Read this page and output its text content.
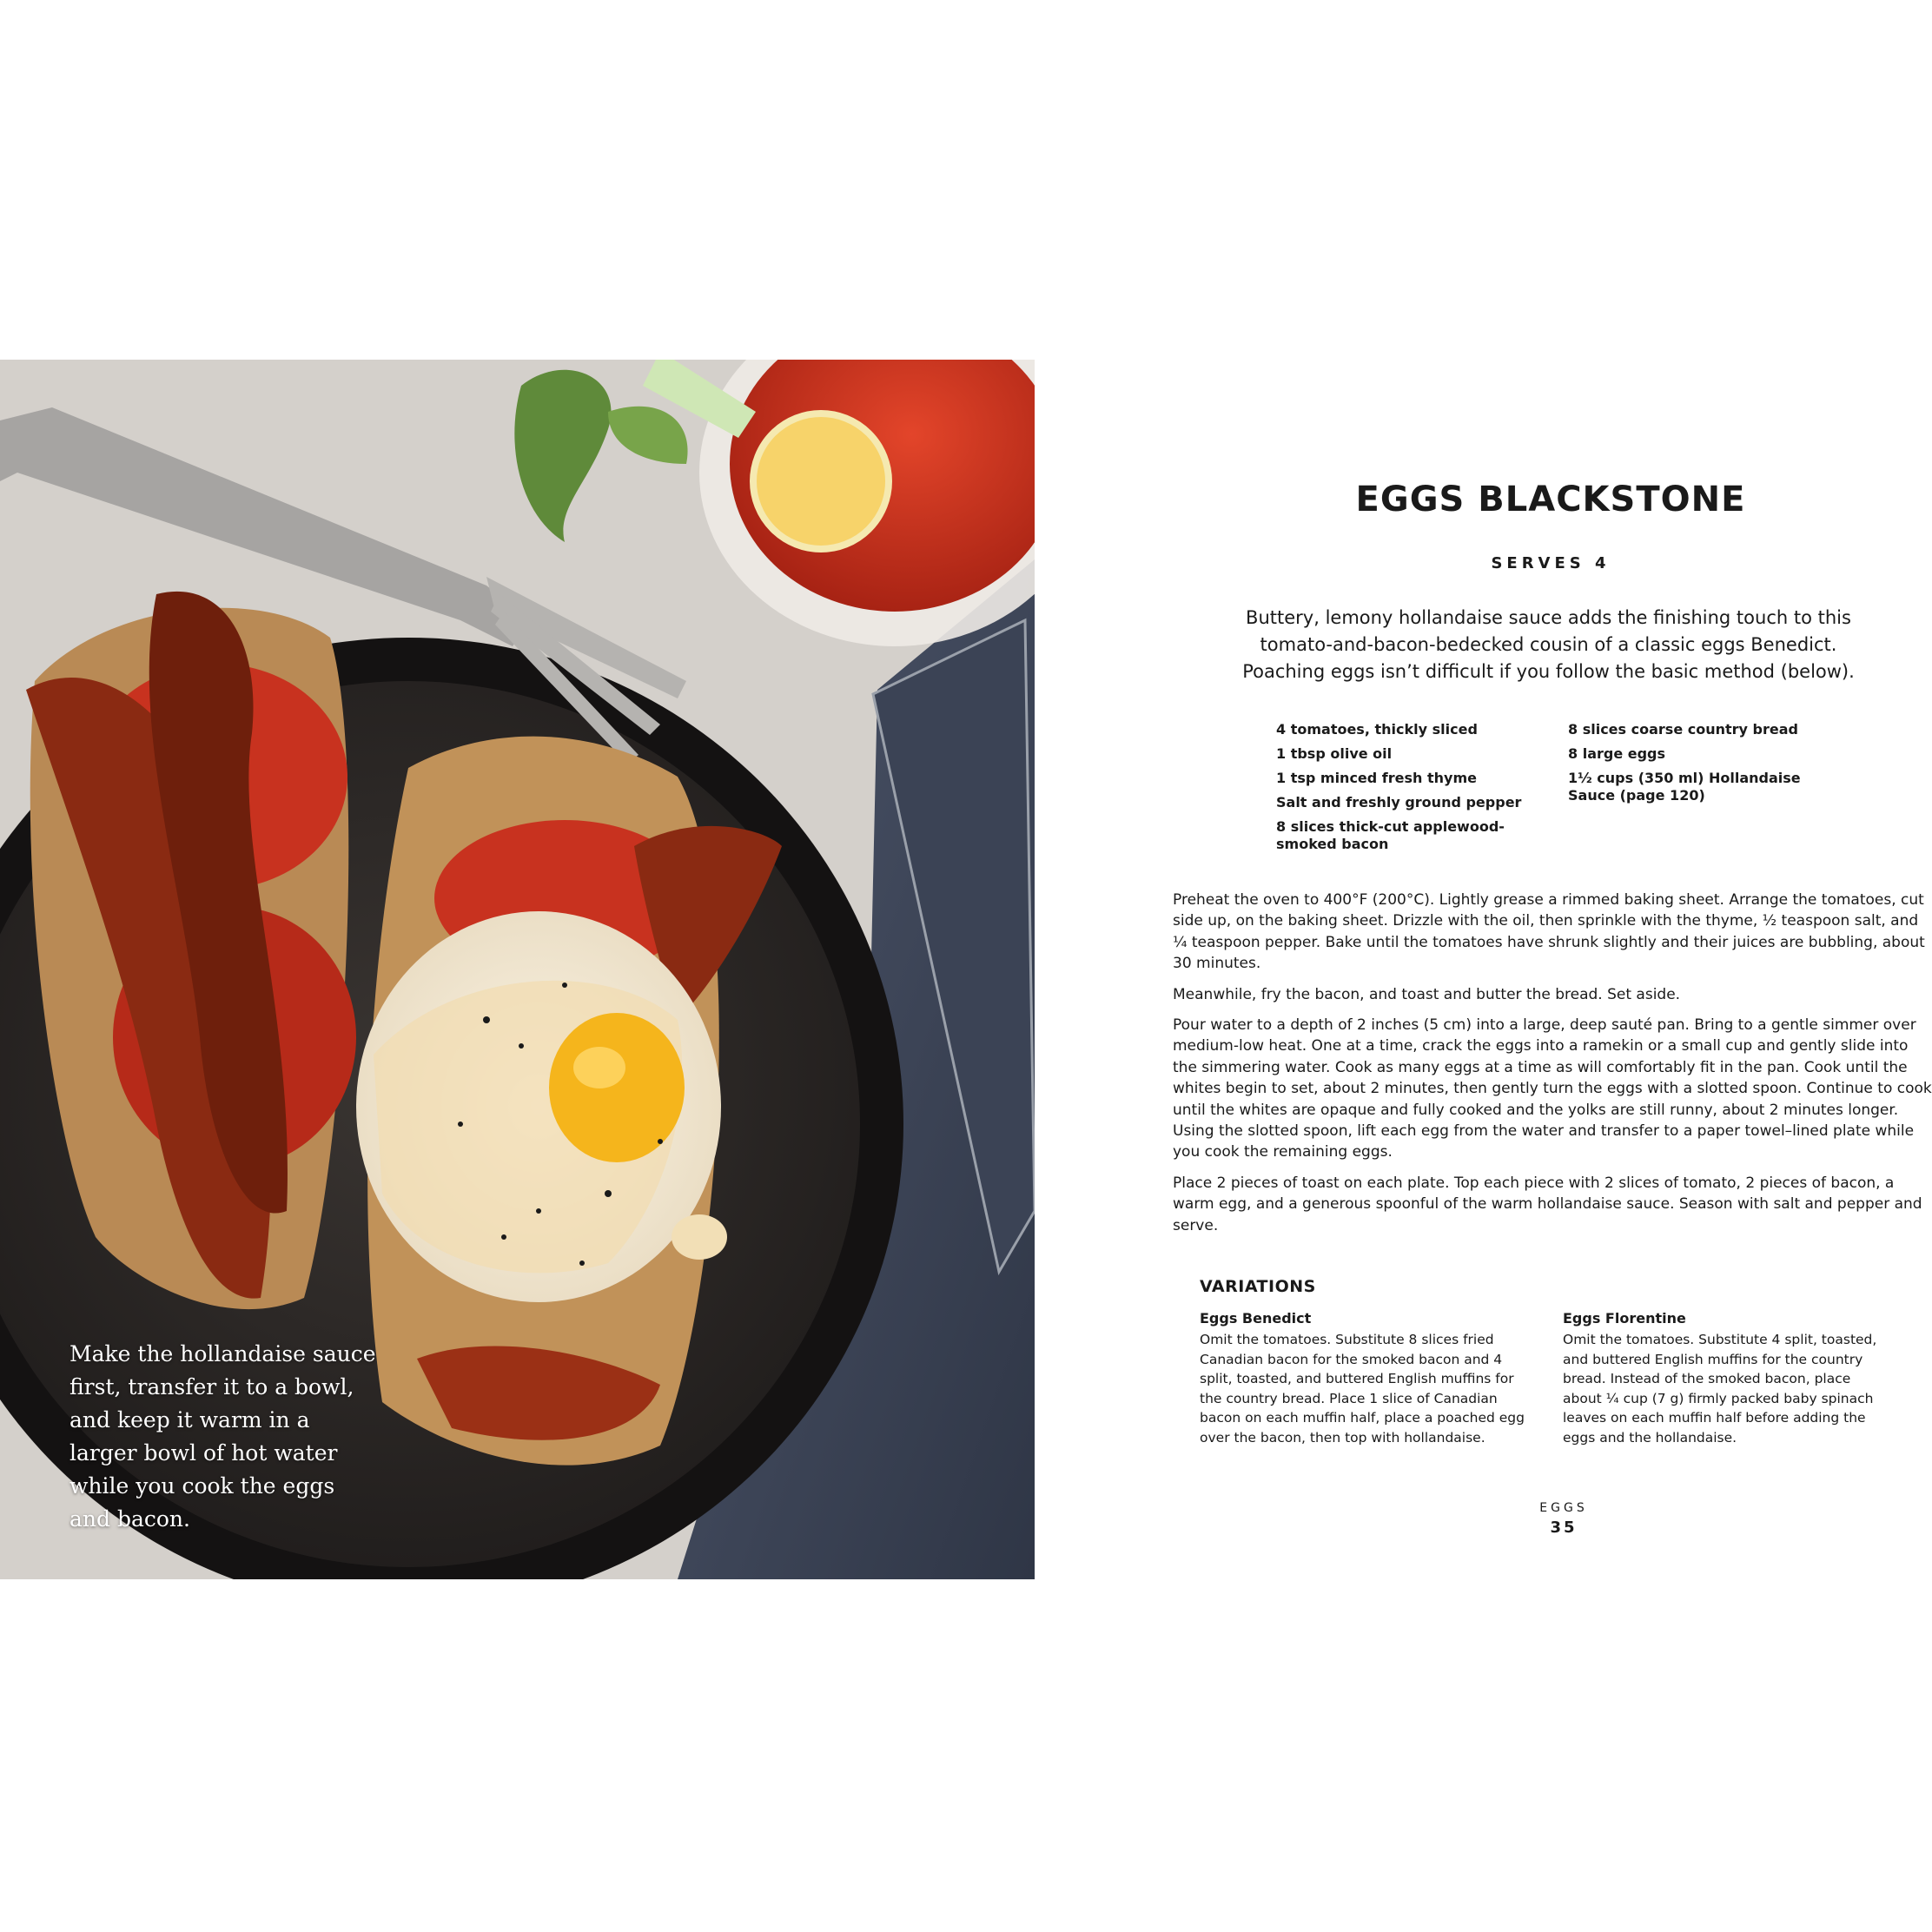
Make the hollandaise sauce first, transfer it to a bowl, and keep it warm in a larger bowl of hot water while you cook the eggs and bacon.

EGGS BLACKSTONE
SERVES 4

Buttery, lemony hollandaise sauce adds the finishing touch to this tomato-and-bacon-bedecked cousin of a classic eggs Benedict. Poaching eggs isn’t difficult if you follow the basic method (below).

4 tomatoes, thickly sliced
1 tbsp olive oil
1 tsp minced fresh thyme
Salt and freshly ground pepper
8 slices thick-cut applewood-smoked bacon
8 slices coarse country bread
8 large eggs
1½ cups (350 ml) Hollandaise Sauce (page 120)

Preheat the oven to 400°F (200°C). Lightly grease a rimmed baking sheet. Arrange the tomatoes, cut side up, on the baking sheet. Drizzle with the oil, then sprinkle with the thyme, ½ teaspoon salt, and ¼ teaspoon pepper. Bake until the tomatoes have shrunk slightly and their juices are bubbling, about 30 minutes.

Meanwhile, fry the bacon, and toast and butter the bread. Set aside.

Pour water to a depth of 2 inches (5 cm) into a large, deep sauté pan. Bring to a gentle simmer over medium-low heat. One at a time, crack the eggs into a ramekin or a small cup and gently slide into the simmering water. Cook as many eggs at a time as will comfortably fit in the pan. Cook until the whites begin to set, about 2 minutes, then gently turn the eggs with a slotted spoon. Continue to cook until the whites are opaque and fully cooked and the yolks are still runny, about 2 minutes longer. Using the slotted spoon, lift each egg from the water and transfer to a paper towel–lined plate while you cook the remaining eggs.

Place 2 pieces of toast on each plate. Top each piece with 2 slices of tomato, 2 pieces of bacon, a warm egg, and a generous spoonful of the warm hollandaise sauce. Season with salt and pepper and serve.

VARIATIONS
Eggs Benedict

Omit the tomatoes. Substitute 8 slices fried Canadian bacon for the smoked bacon and 4 split, toasted, and buttered English muffins for the country bread. Place 1 slice of Canadian bacon on each muffin half, place a poached egg over the bacon, then top with hollandaise.

Eggs Florentine

Omit the tomatoes. Substitute 4 split, toasted, and buttered English muffins for the country bread. Instead of the smoked bacon, place about ¼ cup (7 g) firmly packed baby spinach leaves on each muffin half before adding the eggs and the hollandaise.

EGGS
35
